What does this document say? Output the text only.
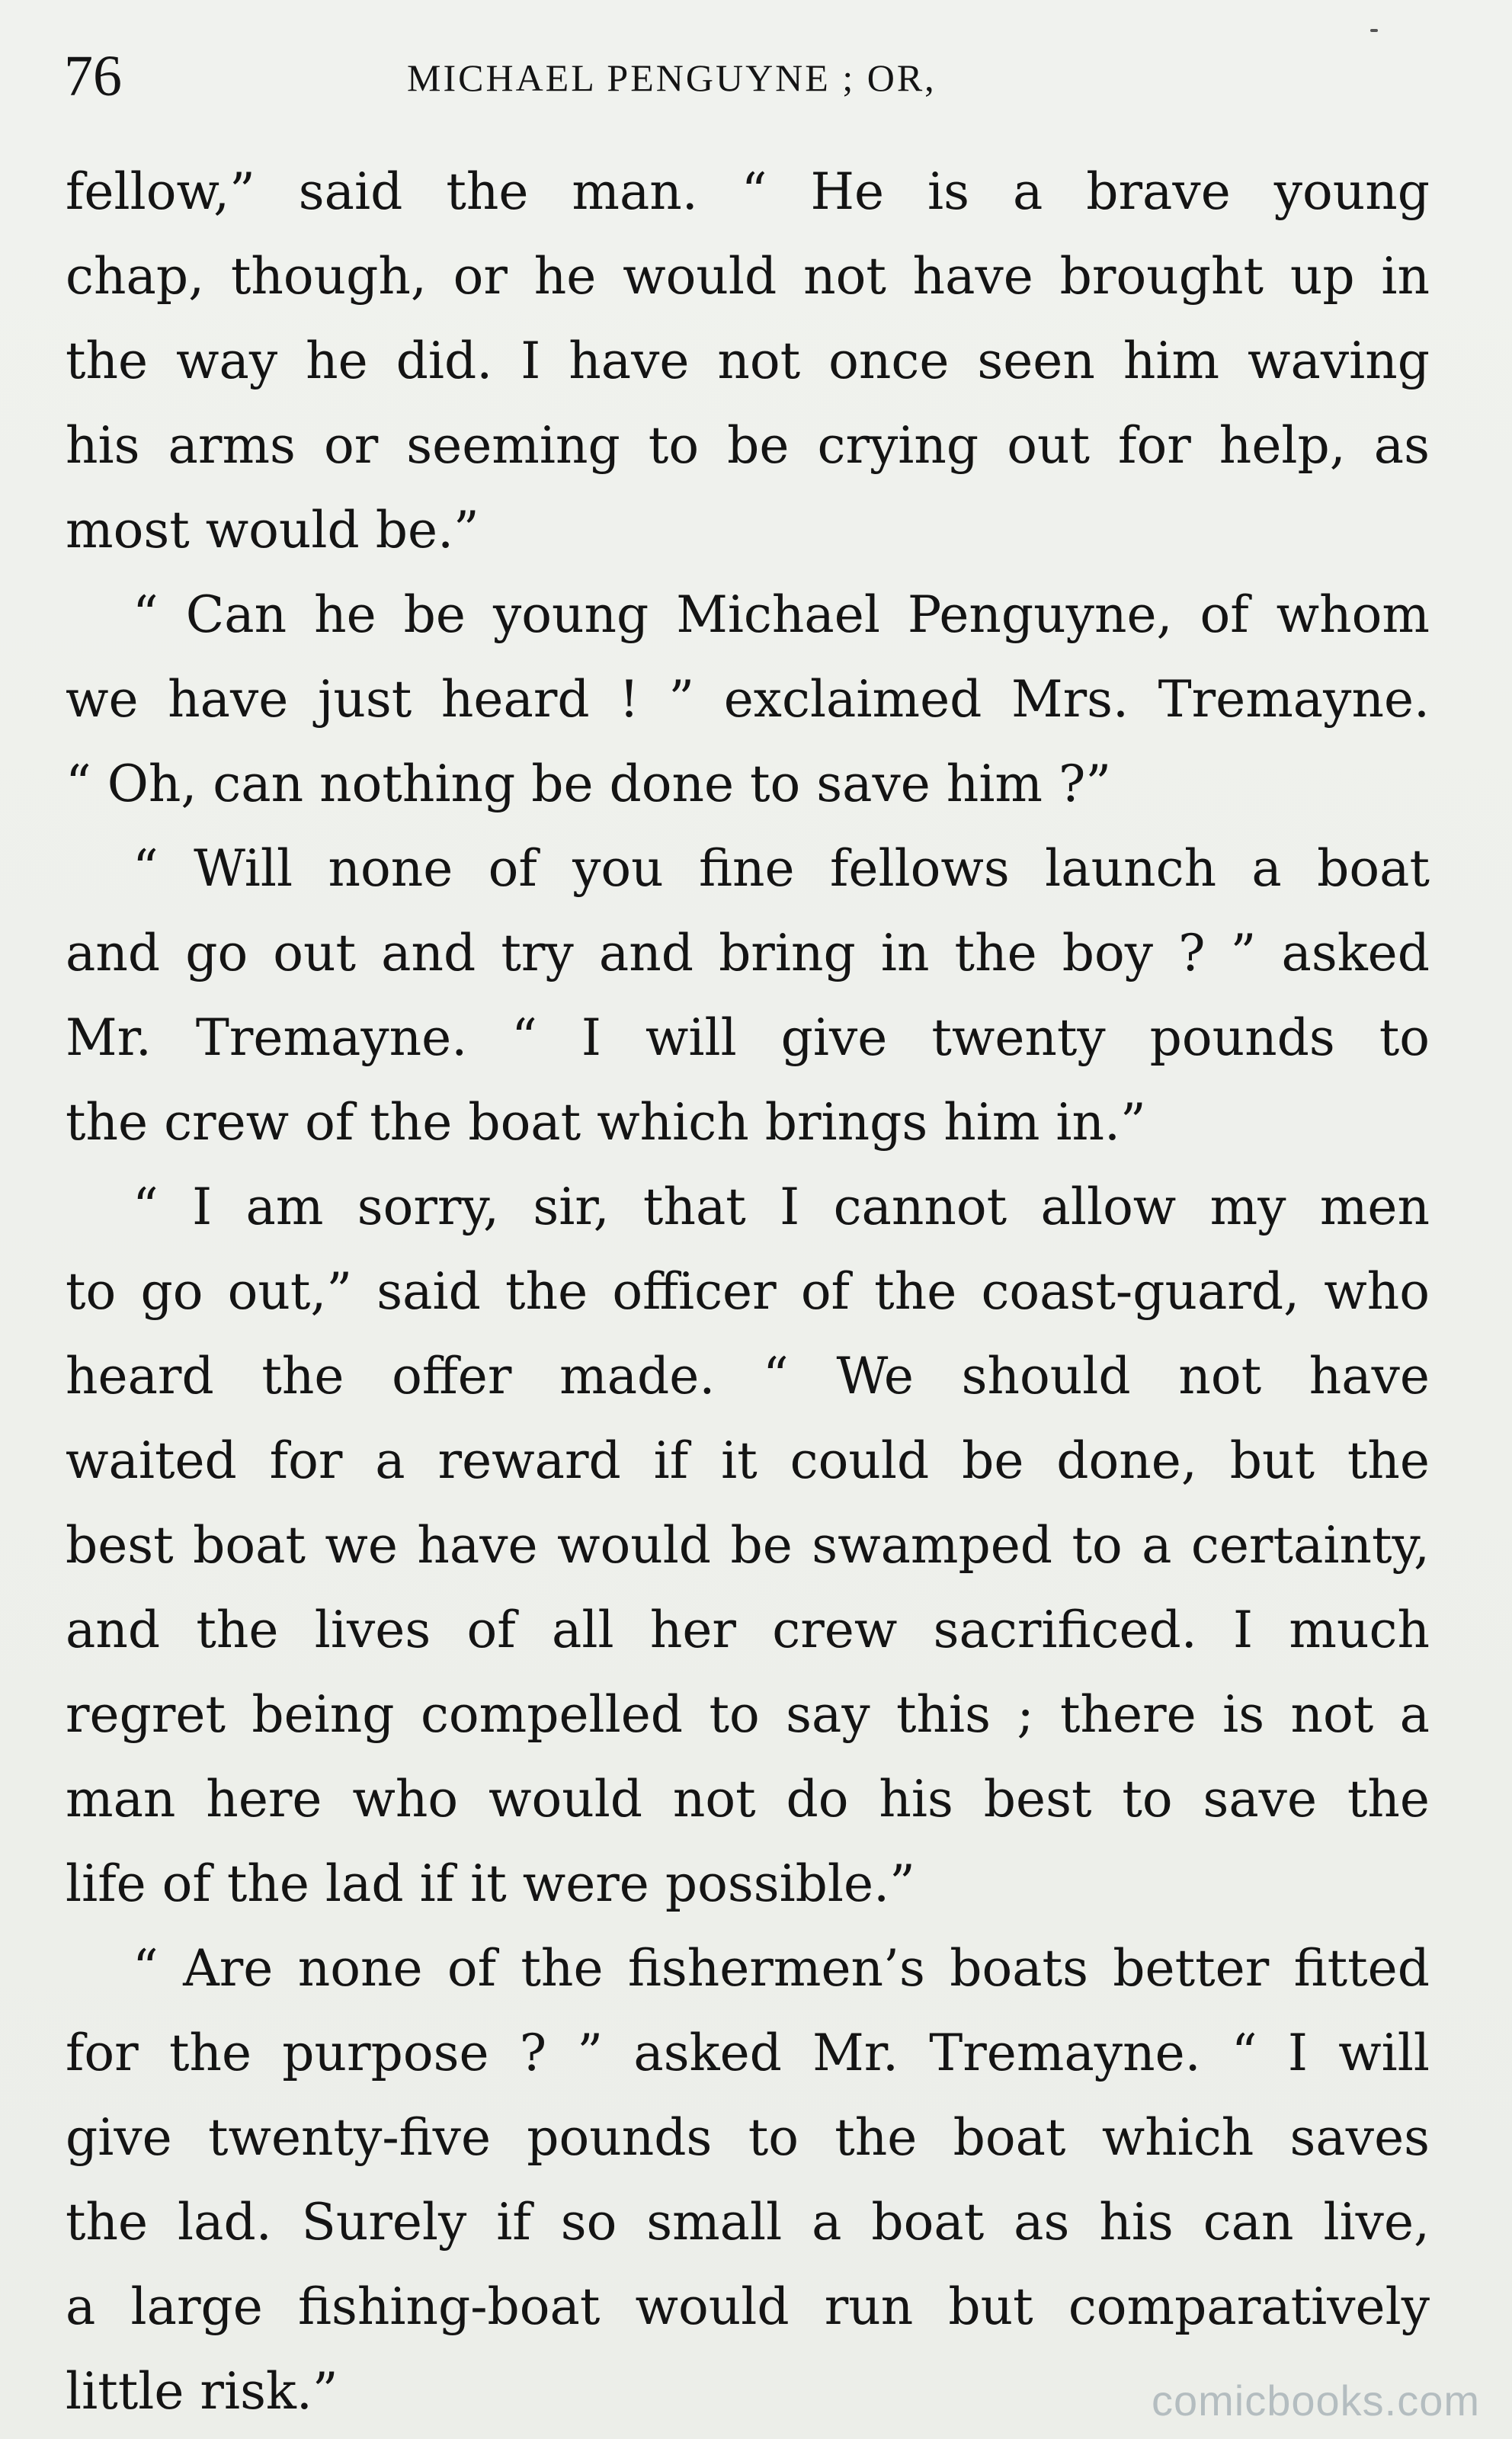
76	MICHAEL PENGUYNE ; OR,
fellow,” said the man. “ He is a brave young
chap, though, or he would not have brought up in
the way he did. I have not once seen him waving
his arms or seeming to be crying out for help, as
most would be.”
“ Can he be young Michael Penguyne, of whom
we have just heard ! ” exclaimed Mrs. Tremayne.
“ Oh, can nothing be done to save him ?”
“ Will none of you fine fellows launch a boat
and go out and try and bring in the boy ? ” asked
Mr. Tremayne. “ I will give twenty pounds to
the crew of the boat which brings him in.”
“ I am sorry, sir, that I cannot allow my men
to go out,” said the officer of the coast-guard, who
heard the offer made. “ We should not have
waited for a reward if it could be done, but the
best boat we have would be swamped to a certainty,
and the lives of all her crew sacrificed. I much
regret being compelled to say this ; there is not a
man here who would not do his best to save the
life of the lad if it were possible.”
“ Are none of the fishermen’s boats better fitted
for the purpose ? ” asked Mr. Tremayne. “ I will
give twenty-five pounds to the boat which saves
the lad. Surely if so small a boat as his can live,
a large fishing-boat would run but comparatively
little risk.”	comicbooks.com
